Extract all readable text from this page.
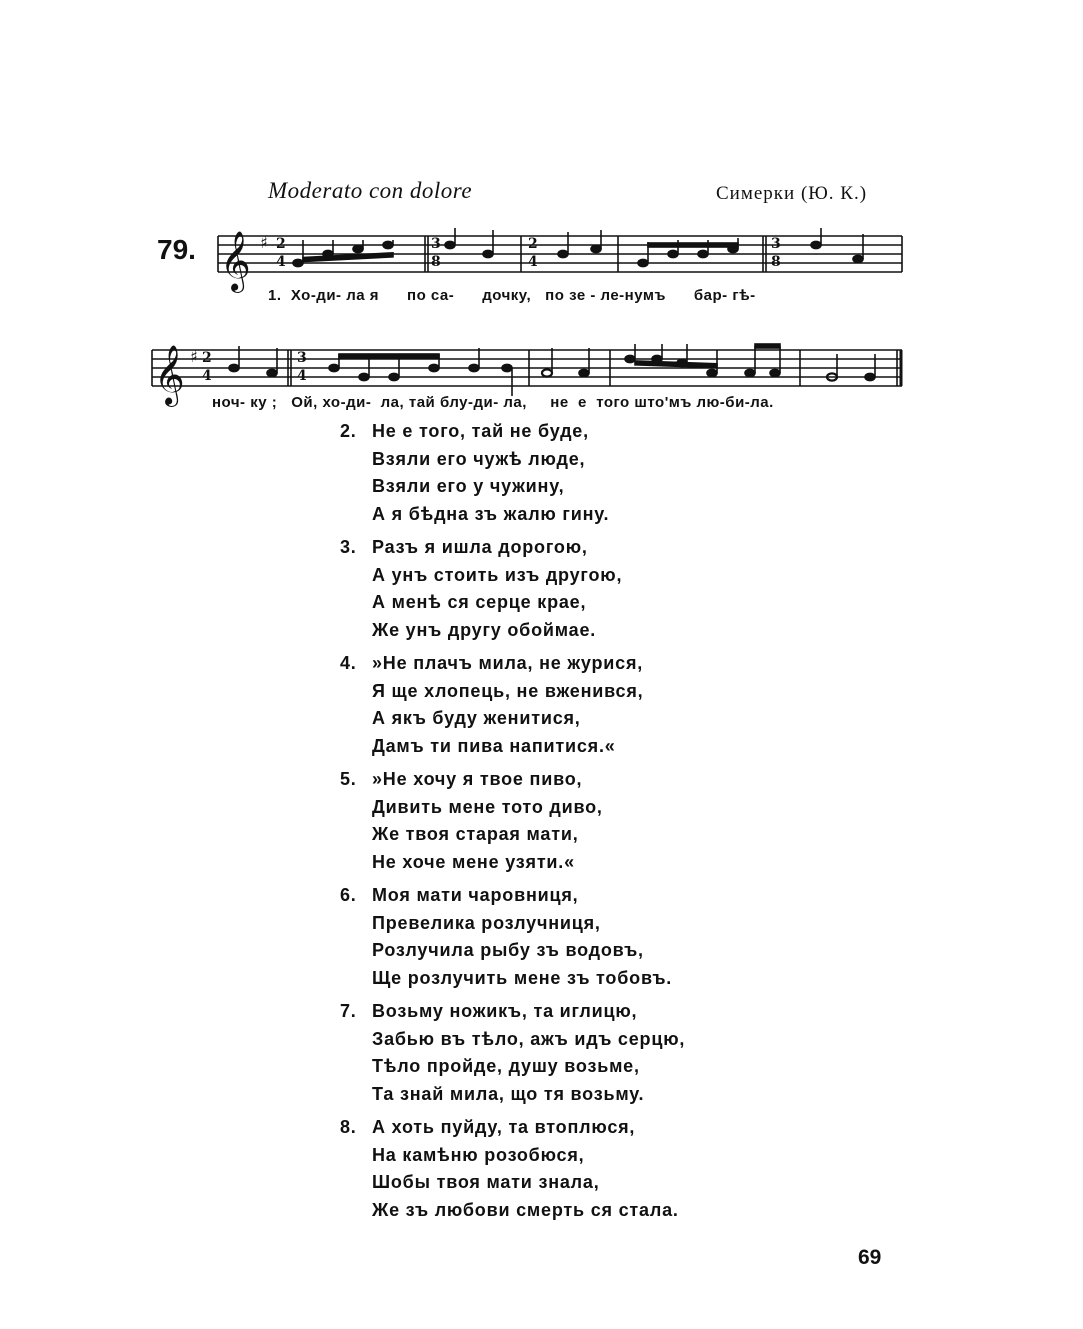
Moderato con dolore	Симерки (Ю. К.)
79. 𝄞 ♯ 2
4
3
8
2
4
3
8
1.  Хо-ди- ла я      по са-      дочку,   по зе - ле-нумъ      бар- гѣ-
𝄞 ♯ 2
4
3
4
ноч- ку ;   Ой, хо-ди-  ла, тай блу-ди- ла,     не  е  того што'мъ лю-би-ла.
2. Не е того, тай не буде,
Взяли его чужѣ люде,
Взяли его у чужину,
А я бѣдна зъ жалю гину.
3. Разъ я ишла дорогою,
А унъ стоить изъ другою,
А менѣ ся серце крае,
Же унъ другу обоймае.
4. »Не плачъ мила, не журися,
Я ще хлопець, не вженився,
А якъ буду женитися,
Дамъ ти пива напитися.«
5. »Не хочу я твое пиво,
Дивить мене тото диво,
Же твоя старая мати,
Не хоче мене узяти.«
6. Моя мати чаровниця,
Превелика розлучниця,
Розлучила рыбу зъ водовъ,
Ще розлучить мене зъ тобовъ.
7. Возьму ножикъ, та иглицю,
Забью въ тѣло, ажъ идъ серцю,
Тѣло пройде, душу возьме,
Та знай мила, що тя возьму.
8. А хоть пуйду, та втоплюся,
На камѣню розобюся,
Шобы твоя мати знала,
Же зъ любови смерть ся стала.
69
